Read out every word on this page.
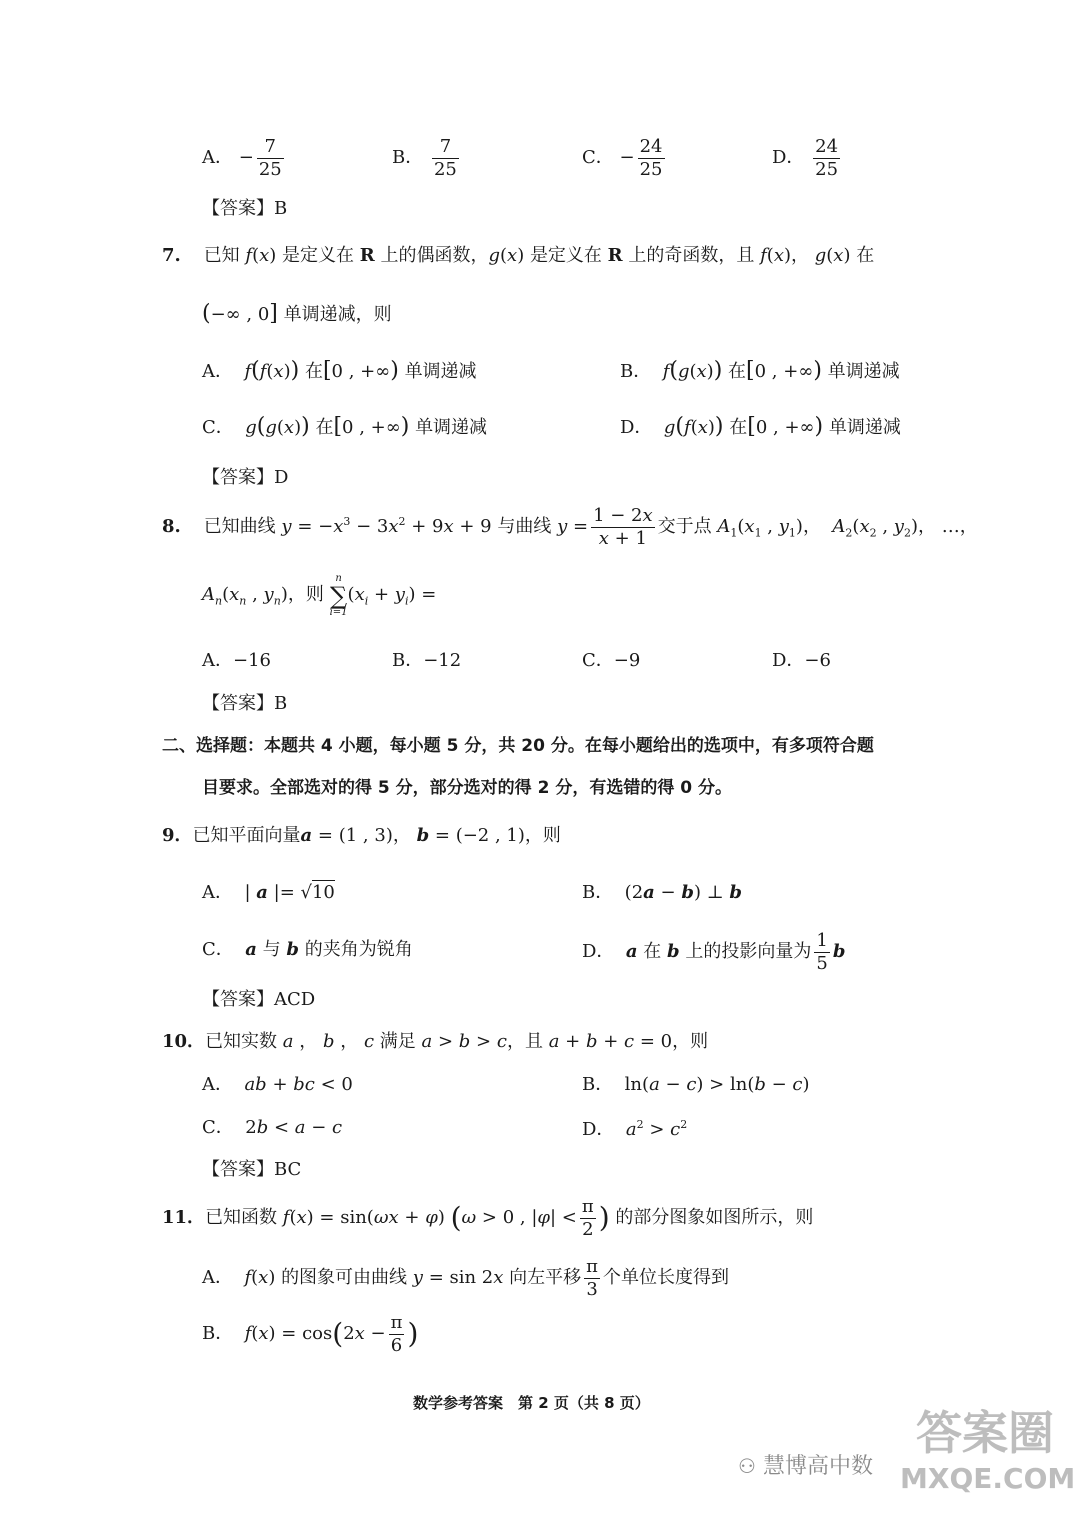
A． − $\frac{7}{25}$	B． $\frac{7}{25}$	C． − $\frac{24}{25}$	D． $\frac{24}{25}$
【答案】B
7. 已知 f(x) 是定义在 R 上的偶函数，g(x) 是定义在 R 上的奇函数，且 f(x)， g(x) 在
(−∞ , 0] 单调递减，则
A． f(f(x)) 在[0 , +∞) 单调递减	B． f(g(x)) 在[0 , +∞) 单调递减
C． g(g(x)) 在[0 , +∞) 单调递减	D． g(f(x)) 在[0 , +∞) 单调递减
【答案】D
8. 已知曲线 $y = -x^3 - 3x^2 + 9x + 9$ 与曲线 $y = \frac{1 - 2x}{x + 1}$ 交于点 $A_1(x_1$ , $y_1$)， $A_2(x_2$ , $y_2$)， …，
$A_n(x_n$ , $y_n$)，则
n
∑
i=1
$(x_i + y_i)$ =
A．−16	B．−12	C．−9	D．−6
【答案】B
二、选择题：本题共 4 小题，每小题 5 分，共 20 分。在每小题给出的选项中，有多项符合题
目要求。全部选对的得 5 分，部分选对的得 2 分，有选错的得 0 分。
9．已知平面向量a = (1 , 3)， b = (−2 , 1)，则
A．  | a |= √10	B．  (2a − b) ⊥ b
C． a 与 b 的夹角为锐角	D． a 在 b 上的投影向量为 $\frac{1}{5}$ b
【答案】ACD
10．已知实数 a ， b ， c 满足 a > b > c，且 a + b + c = 0，则
A． ab + bc < 0	B．  ln(a − c) > ln(b − c)
C．  2b < a − c	D． $a^2 > c^2$
【答案】BC
11．已知函数 f(x) = sin(ωx + φ) (ω > 0 , $|\varphi| < \frac{\pi}{2}$ ) 的部分图象如图所示，则
A． f(x) 的图象可由曲线 y = sin 2x 向左平移 $\frac{\pi}{3}$ 个单位长度得到
B． $f(x) = \cos(2x - \frac{\pi}{6}$ )
数学参考答案　第 2 页（共 8 页）
⚇ 慧博高中数
答案圈
MXQE.COM
